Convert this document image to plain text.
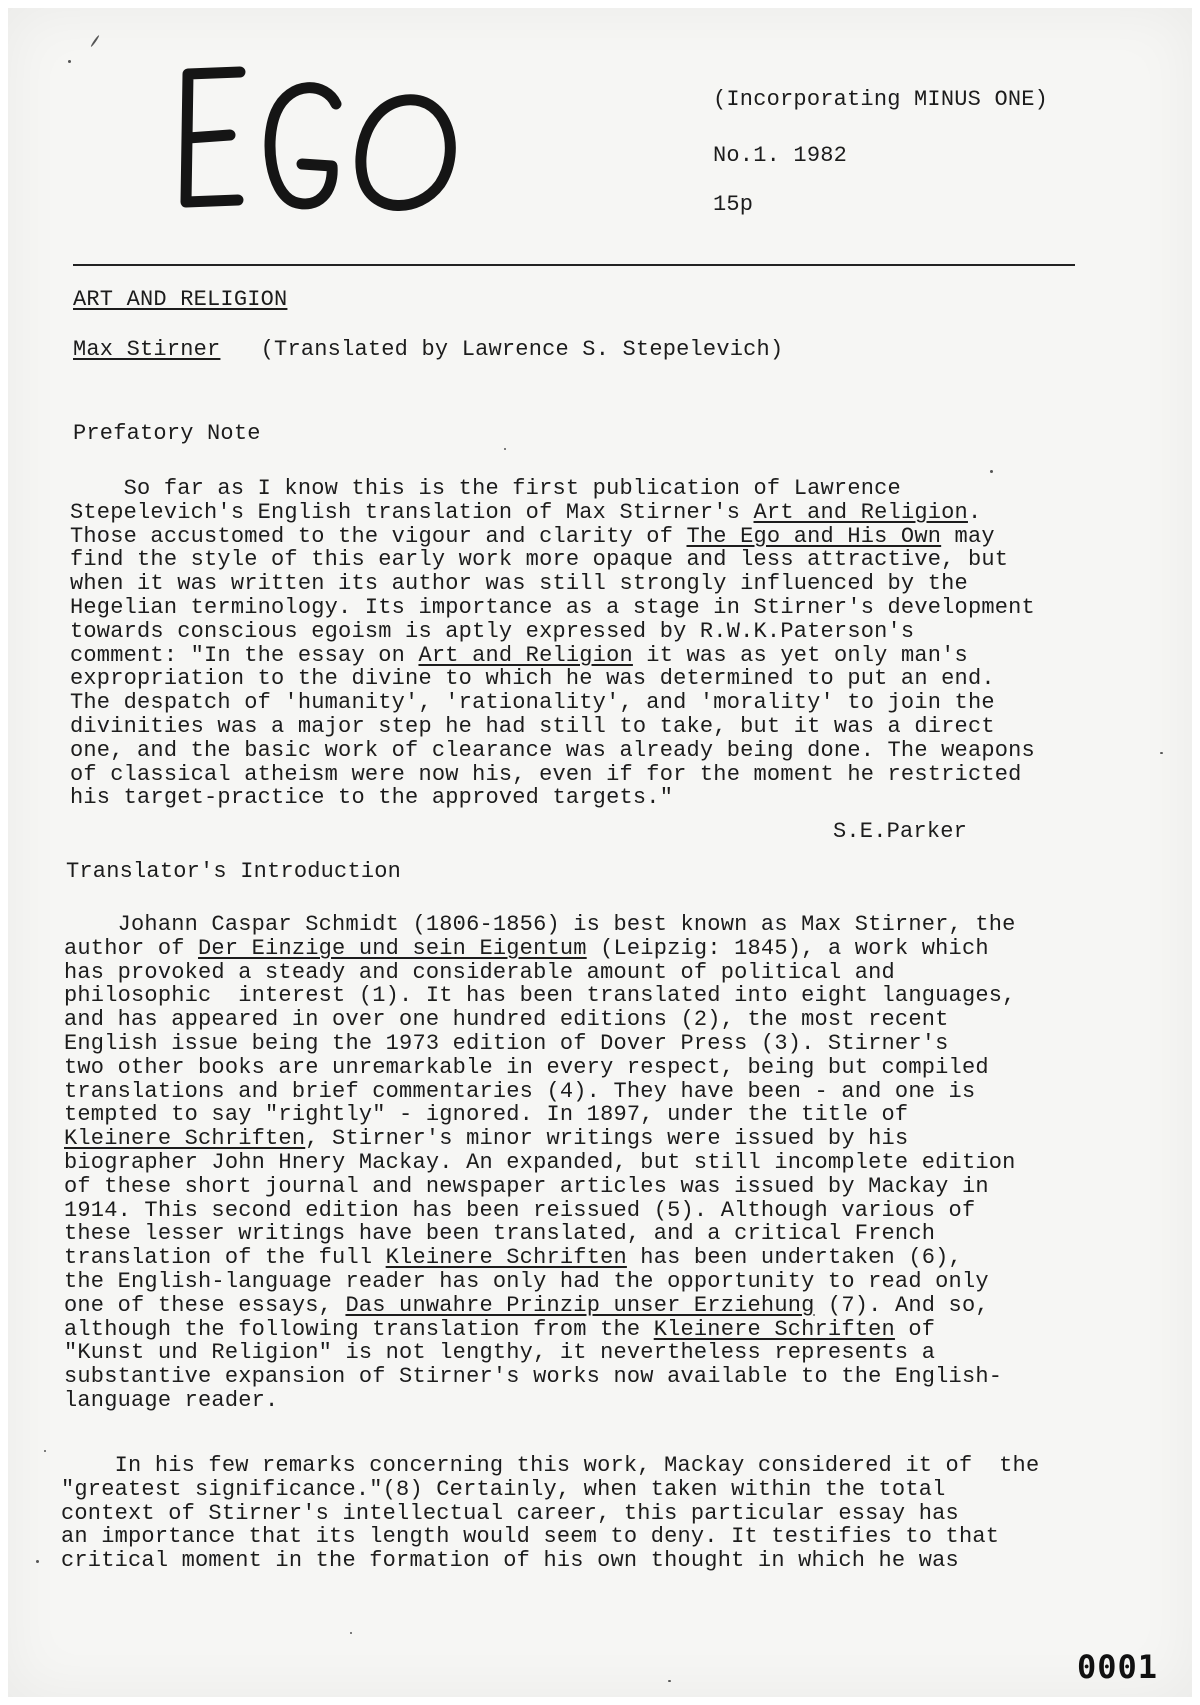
(Incorporating MINUS ONE)
No.1. 1982
15p
ART AND RELIGION
Max Stirner (Translated by Lawrence S. Stepelevich)
Prefatory Note
So far as I know this is the first publication of Lawrence
Stepelevich's English translation of Max Stirner's Art and Religion.
Those accustomed to the vigour and clarity of The Ego and His Own may
find the style of this early work more opaque and less attractive, but
when it was written its author was still strongly influenced by the
Hegelian terminology. Its importance as a stage in Stirner's development
towards conscious egoism is aptly expressed by R.W.K.Paterson's
comment: "In the essay on Art and Religion it was as yet only man's
expropriation to the divine to which he was determined to put an end.
The despatch of 'humanity', 'rationality', and 'morality' to join the
divinities was a major step he had still to take, but it was a direct
one, and the basic work of clearance was already being done. The weapons
of classical atheism were now his, even if for the moment he restricted
his target-practice to the approved targets."
S.E.Parker
Translator's Introduction
Johann Caspar Schmidt (1806-1856) is best known as Max Stirner, the
author of Der Einzige und sein Eigentum (Leipzig: 1845), a work which
has provoked a steady and considerable amount of political and
philosophic  interest (1). It has been translated into eight languages,
and has appeared in over one hundred editions (2), the most recent
English issue being the 1973 edition of Dover Press (3). Stirner's
two other books are unremarkable in every respect, being but compiled
translations and brief commentaries (4). They have been - and one is
tempted to say "rightly" - ignored. In 1897, under the title of
Kleinere Schriften, Stirner's minor writings were issued by his
biographer John Hnery Mackay. An expanded, but still incomplete edition
of these short journal and newspaper articles was issued by Mackay in
1914. This second edition has been reissued (5). Although various of
these lesser writings have been translated, and a critical French
translation of the full Kleinere Schriften has been undertaken (6),
the English-language reader has only had the opportunity to read only
one of these essays, Das unwahre Prinzip unser Erziehung (7). And so,
although the following translation from the Kleinere Schriften of
"Kunst und Religion" is not lengthy, it nevertheless represents a
substantive expansion of Stirner's works now available to the English-
language reader.
In his few remarks concerning this work, Mackay considered it of  the
"greatest significance."(8) Certainly, when taken within the total
context of Stirner's intellectual career, this particular essay has
an importance that its length would seem to deny. It testifies to that
critical moment in the formation of his own thought in which he was
0001
